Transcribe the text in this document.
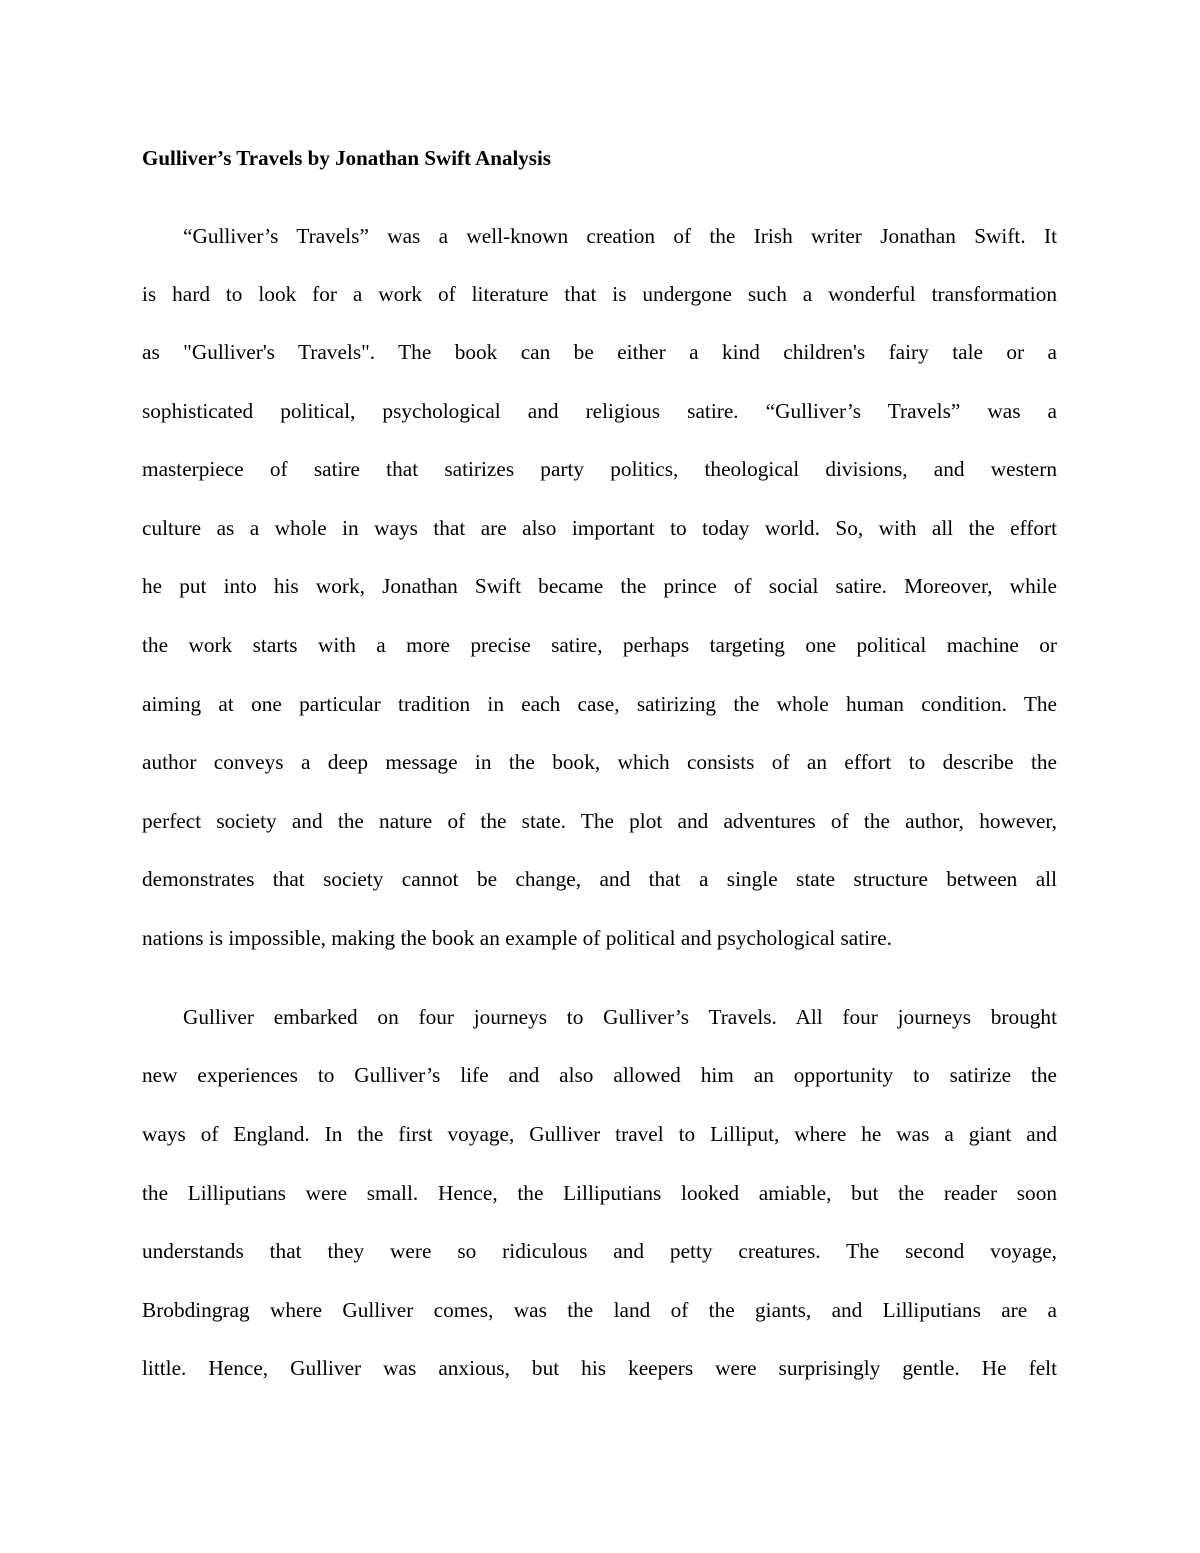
Gulliver’s Travels by Jonathan Swift Analysis
“Gulliver’s Travels” was a well-known creation of the Irish writer Jonathan Swift. It
is hard to look for a work of literature that is undergone such a wonderful transformation
as "Gulliver's Travels". The book can be either a kind children's fairy tale or a
sophisticated political, psychological and religious satire. “Gulliver’s Travels” was a
masterpiece of satire that satirizes party politics, theological divisions, and western
culture as a whole in ways that are also important to today world. So, with all the effort
he put into his work, Jonathan Swift became the prince of social satire. Moreover, while
the work starts with a more precise satire, perhaps targeting one political machine or
aiming at one particular tradition in each case, satirizing the whole human condition. The
author conveys a deep message in the book, which consists of an effort to describe the
perfect society and the nature of the state. The plot and adventures of the author, however,
demonstrates that society cannot be change, and that a single state structure between all
nations is impossible, making the book an example of political and psychological satire.
Gulliver embarked on four journeys to Gulliver’s Travels. All four journeys brought
new experiences to Gulliver’s life and also allowed him an opportunity to satirize the
ways of England. In the first voyage, Gulliver travel to Lilliput, where he was a giant and
the Lilliputians were small. Hence, the Lilliputians looked amiable, but the reader soon
understands that they were so ridiculous and petty creatures. The second voyage,
Brobdingrag where Gulliver comes, was the land of the giants, and Lilliputians are a
little. Hence, Gulliver was anxious, but his keepers were surprisingly gentle. He felt
